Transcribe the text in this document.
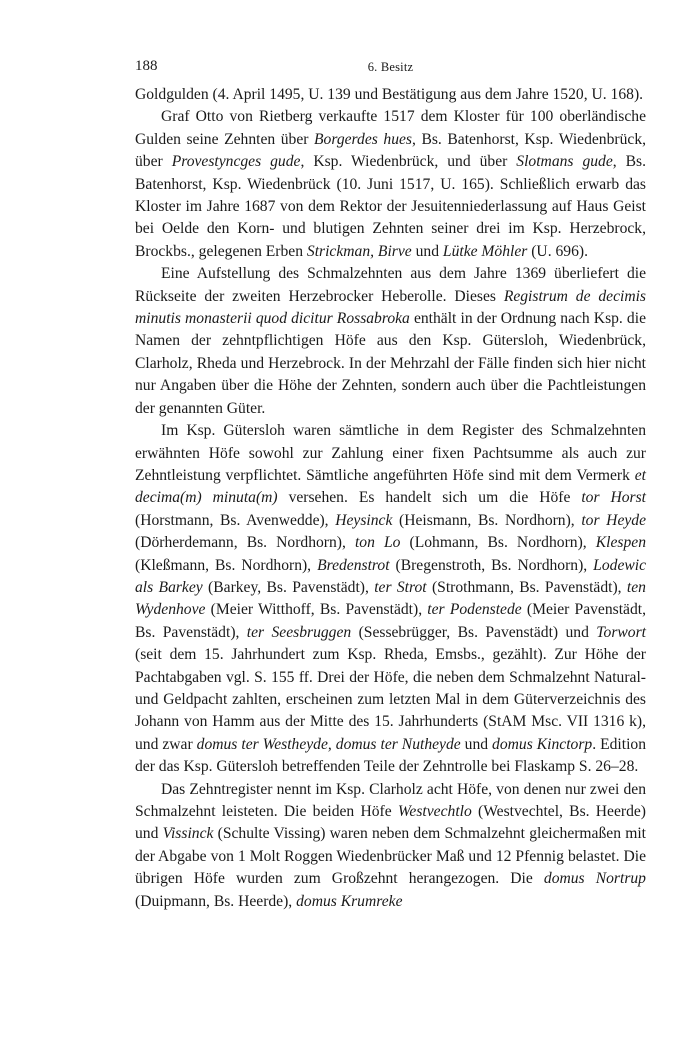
188	6. Besitz

Goldgulden (4. April 1495, U. 139 und Bestätigung aus dem Jahre 1520, U. 168).

Graf Otto von Rietberg verkaufte 1517 dem Kloster für 100 oberländische Gulden seine Zehnten über Borgerdes hues, Bs. Batenhorst, Ksp. Wiedenbrück, über Provestyncges gude, Ksp. Wiedenbrück, und über Slotmans gude, Bs. Batenhorst, Ksp. Wiedenbrück (10. Juni 1517, U. 165). Schließlich erwarb das Kloster im Jahre 1687 von dem Rektor der Jesuitenniederlassung auf Haus Geist bei Oelde den Korn- und blutigen Zehnten seiner drei im Ksp. Herzebrock, Brockbs., gelegenen Erben Strickman, Birve und Lütke Möhler (U. 696).

Eine Aufstellung des Schmalzehnten aus dem Jahre 1369 überliefert die Rückseite der zweiten Herzebrocker Heberolle. Dieses Registrum de decimis minutis monasterii quod dicitur Rossabroka enthält in der Ordnung nach Ksp. die Namen der zehntpflichtigen Höfe aus den Ksp. Gütersloh, Wiedenbrück, Clarholz, Rheda und Herzebrock. In der Mehrzahl der Fälle finden sich hier nicht nur Angaben über die Höhe der Zehnten, sondern auch über die Pachtleistungen der genannten Güter.

Im Ksp. Gütersloh waren sämtliche in dem Register des Schmalzehnten erwähnten Höfe sowohl zur Zahlung einer fixen Pachtsumme als auch zur Zehntleistung verpflichtet. Sämtliche angeführten Höfe sind mit dem Vermerk et decima(m) minuta(m) versehen. Es handelt sich um die Höfe tor Horst (Horstmann, Bs. Avenwedde), Heysinck (Heismann, Bs. Nordhorn), tor Heyde (Dörherdemann, Bs. Nordhorn), ton Lo (Lohmann, Bs. Nordhorn), Klespen (Kleßmann, Bs. Nordhorn), Bredenstrot (Bregenstroth, Bs. Nordhorn), Lodewic als Barkey (Barkey, Bs. Pavenstädt), ter Strot (Strothmann, Bs. Pavenstädt), ten Wydenhove (Meier Witthoff, Bs. Pavenstädt), ter Podenstede (Meier Pavenstädt, Bs. Pavenstädt), ter Seesbruggen (Sessebrügger, Bs. Pavenstädt) und Torwort (seit dem 15. Jahrhundert zum Ksp. Rheda, Emsbs., gezählt). Zur Höhe der Pachtabgaben vgl. S. 155 ff. Drei der Höfe, die neben dem Schmalzehnt Natural- und Geldpacht zahlten, erscheinen zum letzten Mal in dem Güterverzeichnis des Johann von Hamm aus der Mitte des 15. Jahrhunderts (StAM Msc. VII 1316 k), und zwar domus ter Westheyde, domus ter Nutheyde und domus Kinctorp. Edition der das Ksp. Gütersloh betreffenden Teile der Zehntrolle bei Flaskamp S. 26–28.

Das Zehntregister nennt im Ksp. Clarholz acht Höfe, von denen nur zwei den Schmalzehnt leisteten. Die beiden Höfe Westvechtlo (Westvechtel, Bs. Heerde) und Vissinck (Schulte Vissing) waren neben dem Schmalzehnt gleichermaßen mit der Abgabe von 1 Molt Roggen Wiedenbrücker Maß und 12 Pfennig belastet. Die übrigen Höfe wurden zum Großzehnt herangezogen. Die domus Nortrup (Duipmann, Bs. Heerde), domus Krumreke
